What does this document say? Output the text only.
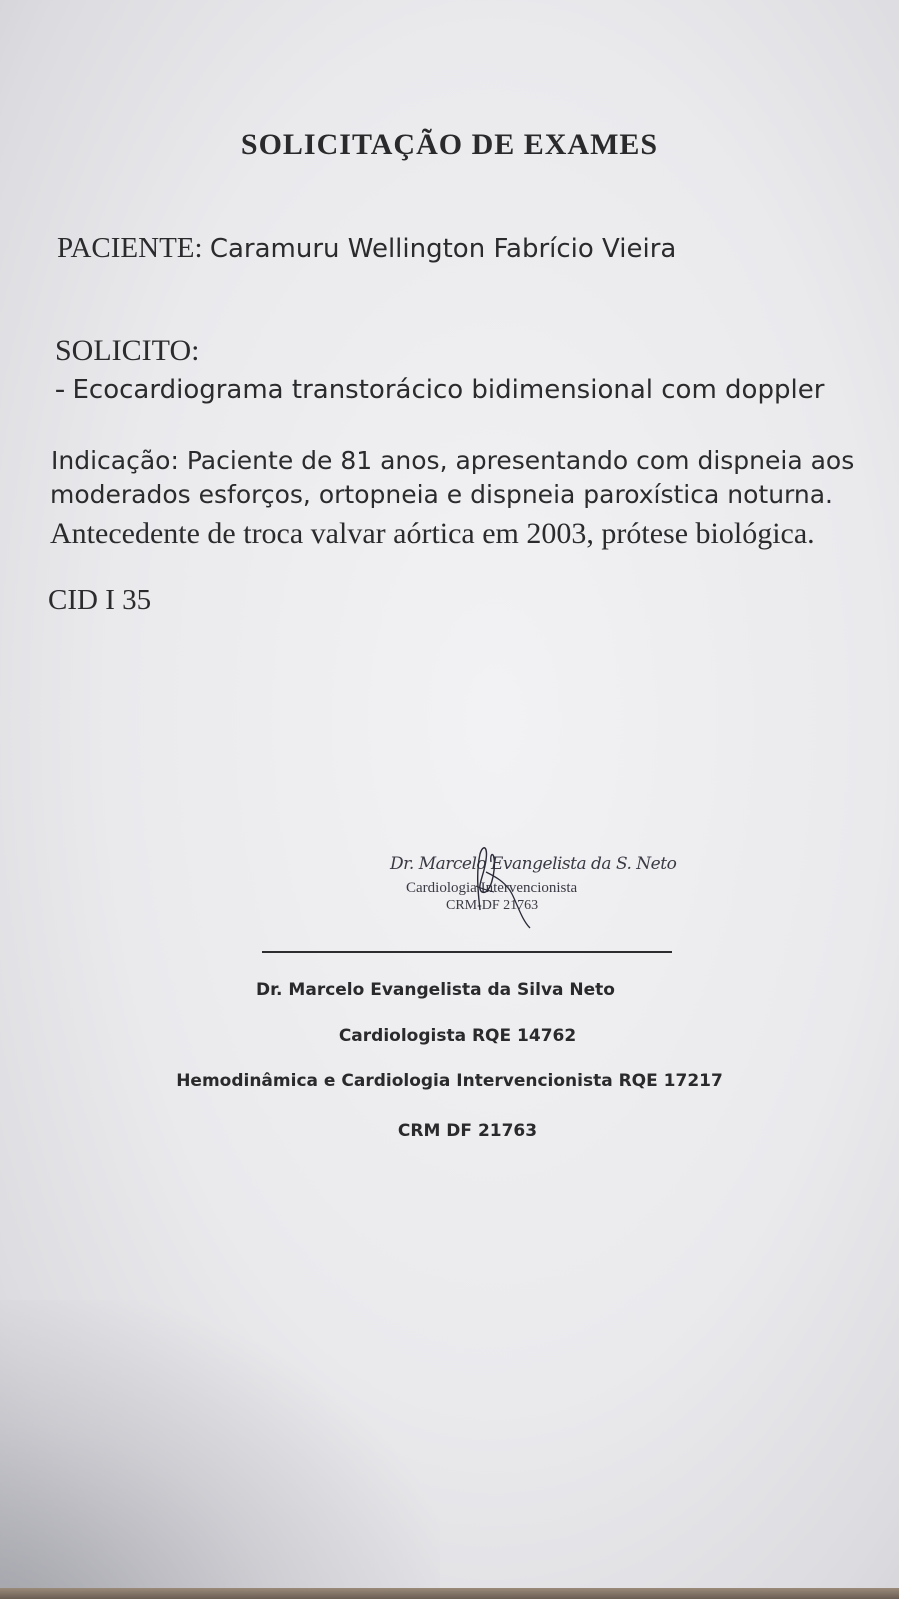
SOLICITAÇÃO DE EXAMES
PACIENTE: Caramuru Wellington Fabrício Vieira
SOLICITO:
- Ecocardiograma transtorácico bidimensional com doppler
Indicação: Paciente de 81 anos, apresentando com dispneia aos
moderados esforços, ortopneia e dispneia paroxística noturna.
Antecedente de troca valvar aórtica em 2003, prótese biológica.
CID I 35
Dr. Marcelo Evangelista da S. Neto
Cardiologia Intervencionista
CRM-DF 21763
Dr. Marcelo Evangelista da Silva Neto
Cardiologista RQE 14762
Hemodinâmica e Cardiologia Intervencionista RQE 17217
CRM DF 21763
